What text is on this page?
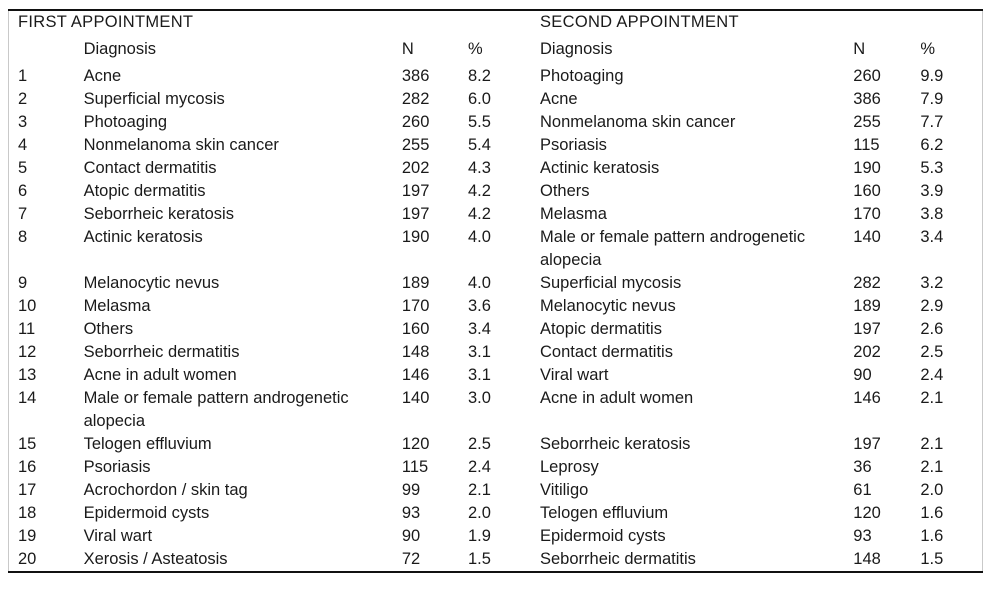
FIRST APPOINTMENT				SECOND APPOINTMENT		
	Diagnosis	N	%	Diagnosis	N	%
1	Acne	386	8.2	Photoaging	260	9.9
2	Superficial mycosis	282	6.0	Acne	386	7.9
3	Photoaging	260	5.5	Nonmelanoma skin cancer	255	7.7
4	Nonmelanoma skin cancer	255	5.4	Psoriasis	115	6.2
5	Contact dermatitis	202	4.3	Actinic keratosis	190	5.3
6	Atopic dermatitis	197	4.2	Others	160	3.9
7	Seborrheic keratosis	197	4.2	Melasma	170	3.8
8	Actinic keratosis	190	4.0	Male or female pattern androgenetic alopecia	140	3.4
9	Melanocytic nevus	189	4.0	Superficial mycosis	282	3.2
10	Melasma	170	3.6	Melanocytic nevus	189	2.9
11	Others	160	3.4	Atopic dermatitis	197	2.6
12	Seborrheic dermatitis	148	3.1	Contact dermatitis	202	2.5
13	Acne in adult women	146	3.1	Viral wart	90	2.4
14	Male or female pattern androgenetic alopecia	140	3.0	Acne in adult women	146	2.1
15	Telogen effluvium	120	2.5	Seborrheic keratosis	197	2.1
16	Psoriasis	115	2.4	Leprosy	36	2.1
17	Acrochordon / skin tag	99	2.1	Vitiligo	61	2.0
18	Epidermoid cysts	93	2.0	Telogen effluvium	120	1.6
19	Viral wart	90	1.9	Epidermoid cysts	93	1.6
20	Xerosis / Asteatosis	72	1.5	Seborrheic dermatitis	148	1.5
